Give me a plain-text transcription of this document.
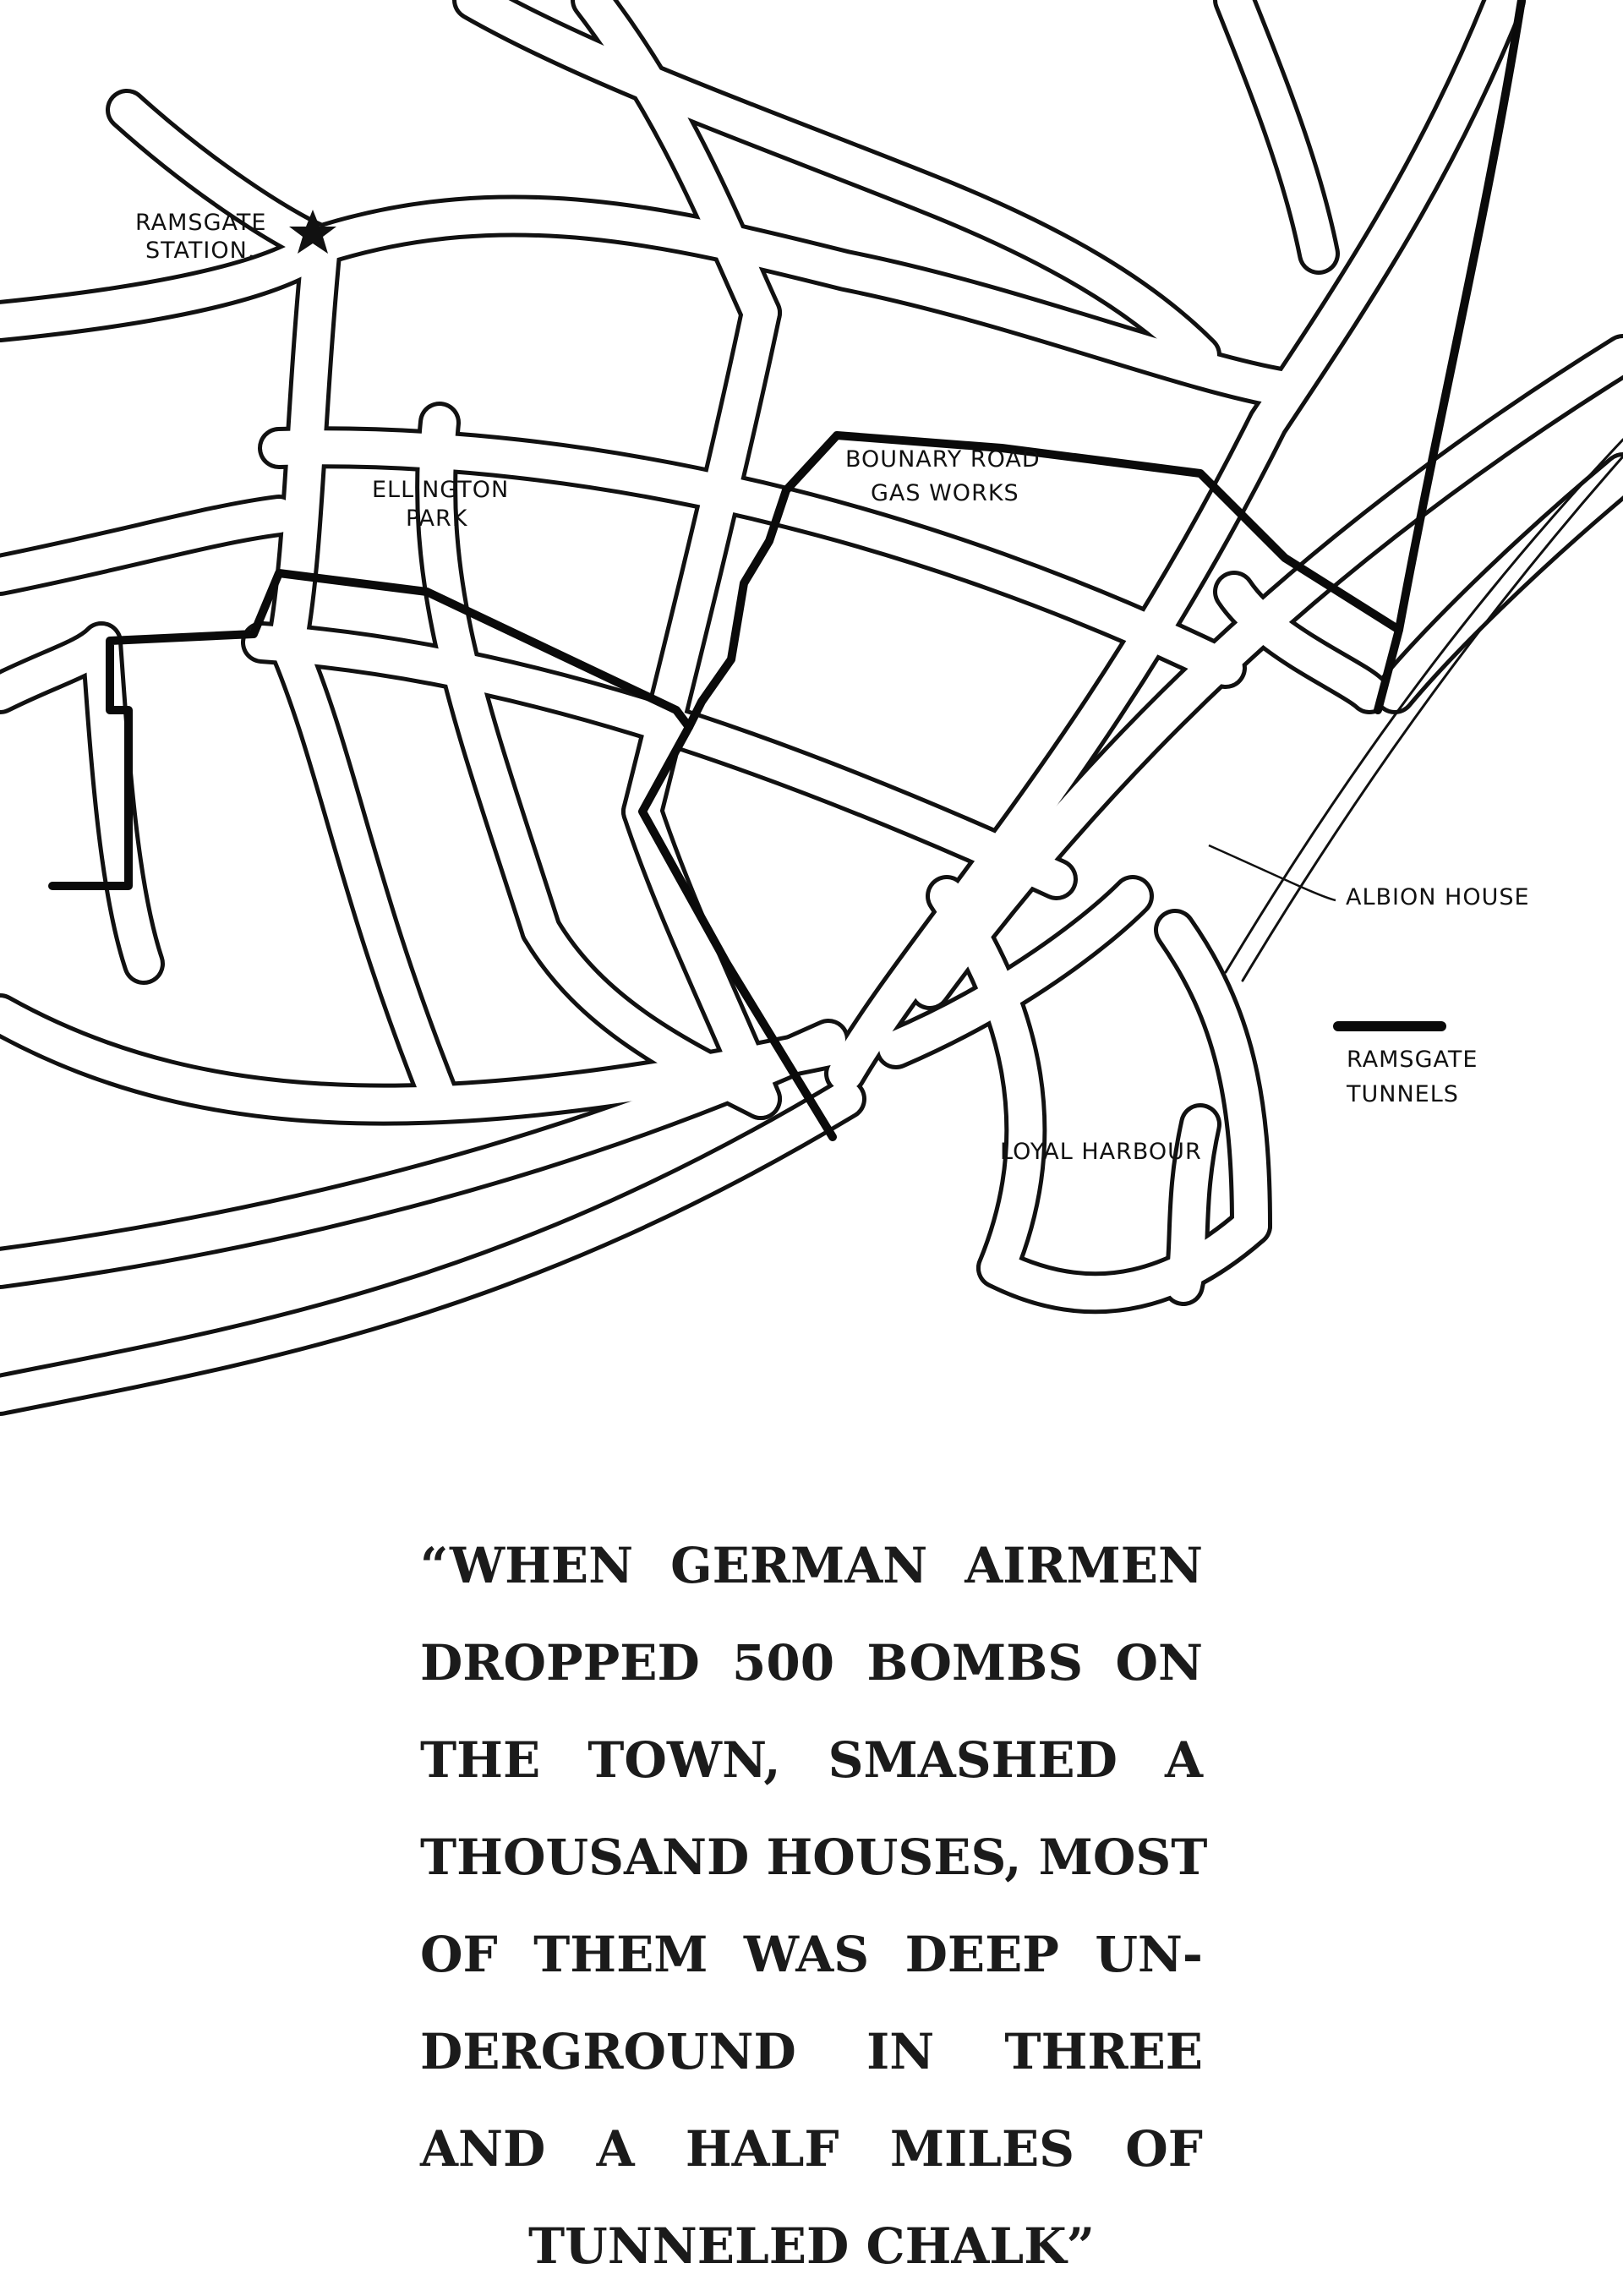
RAMSGATE
STATION.
ELLINGTON
PARK
BOUNARY ROAD
GAS WORKS
ALBION HOUSE
LOYAL HARBOUR
RAMSGATE
TUNNELS
“WHEN GERMAN AIRMEN
DROPPED 500 BOMBS ON
THE TOWN, SMASHED A
THOUSAND HOUSES, MOST
OF THEM WAS DEEP UN-
DERGROUND IN THREE
AND A HALF MILES OF
TUNNELED CHALK”
